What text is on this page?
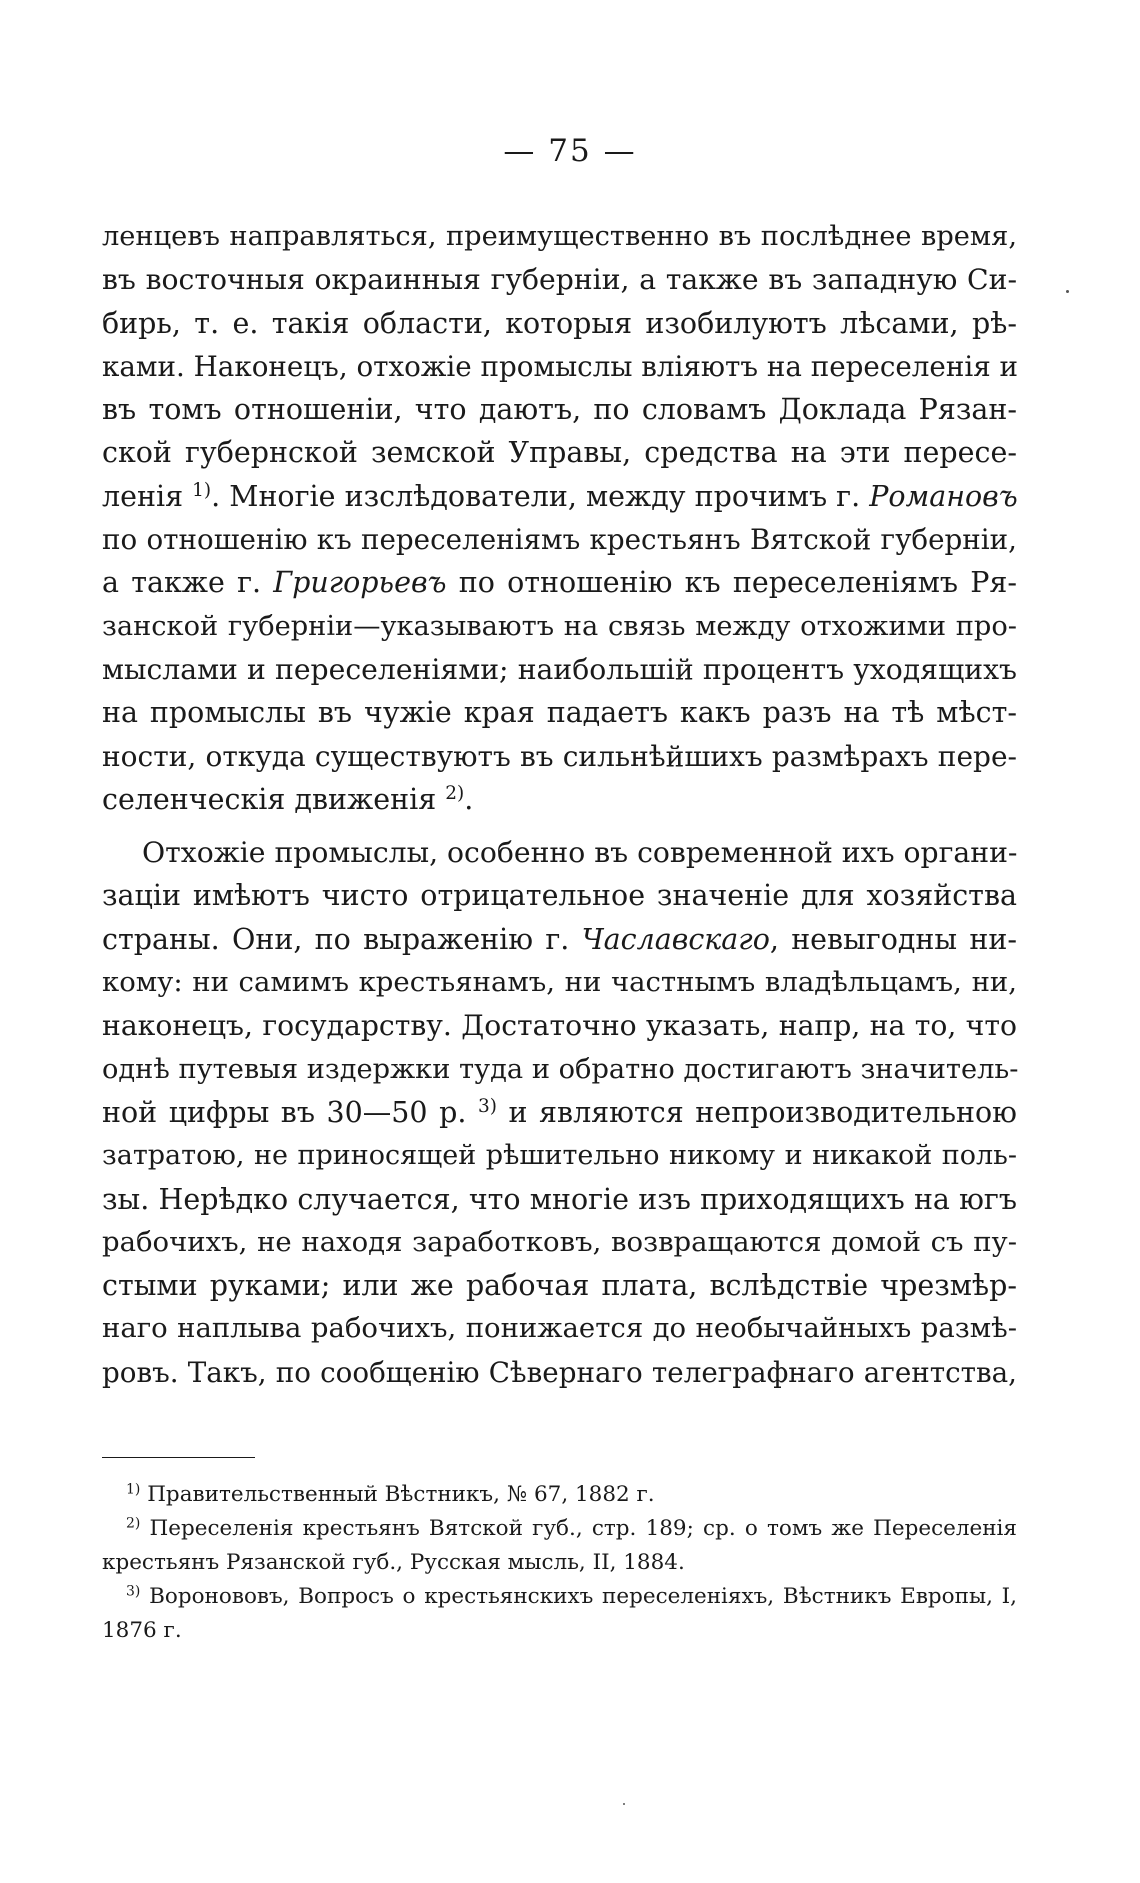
— 75 —
ленцевъ направляться, преимущественно въ послѣднее время,
въ восточныя окраинныя губерніи, а также въ западную Си-
бирь, т. е. такія области, которыя изобилуютъ лѣсами, рѣ-
ками. Наконецъ, отхожіе промыслы вліяютъ на переселенія и
въ томъ отношеніи, что даютъ, по словамъ Доклада Рязан-
ской губернской земской Управы, средства на эти пересе-
ленія $^{1)}$. Многіе изслѣдователи, между прочимъ г. Романовъ
по отношенію къ переселеніямъ крестьянъ Вятской губерніи,
а также г. Григорьевъ по отношенію къ переселеніямъ Ря-
занской губерніи—указываютъ на связь между отхожими про-
мыслами и переселеніями; наибольшій процентъ уходящихъ
на промыслы въ чужіе края падаетъ какъ разъ на тѣ мѣст-
ности, откуда существуютъ въ сильнѣйшихъ размѣрахъ пере-
селенческія движенія $^{2)}$.
Отхожіе промыслы, особенно въ современной ихъ органи-
заціи имѣютъ чисто отрицательное значеніе для хозяйства
страны. Они, по выраженію г. Чаславскаго, невыгодны ни-
кому: ни самимъ крестьянамъ, ни частнымъ владѣльцамъ, ни,
наконецъ, государству. Достаточно указать, напр, на то, что
однѣ путевыя издержки туда и обратно достигаютъ значитель-
ной цифры въ 30—50 р. $^{3)}$ и являются непроизводительною
затратою, не приносящей рѣшительно никому и никакой поль-
зы. Нерѣдко случается, что многіе изъ приходящихъ на югъ
рабочихъ, не находя заработковъ, возвращаются домой съ пу-
стыми руками; или же рабочая плата, вслѣдствіе чрезмѣр-
наго наплыва рабочихъ, понижается до необычайныхъ размѣ-
ровъ. Такъ, по сообщенію Сѣвернаго телеграфнаго агентства,
$^{1)}$ Правительственный Вѣстникъ, № 67, 1882 г.
$^{2)}$ Переселенія крестьянъ Вятской губ., стр. 189; ср. о томъ же Переселенія
крестьянъ Рязанской губ., Русская мысль, II, 1884.
$^{3)}$ Воронововъ, Вопросъ о крестьянскихъ переселеніяхъ, Вѣстникъ Европы, I,
1876 г.
